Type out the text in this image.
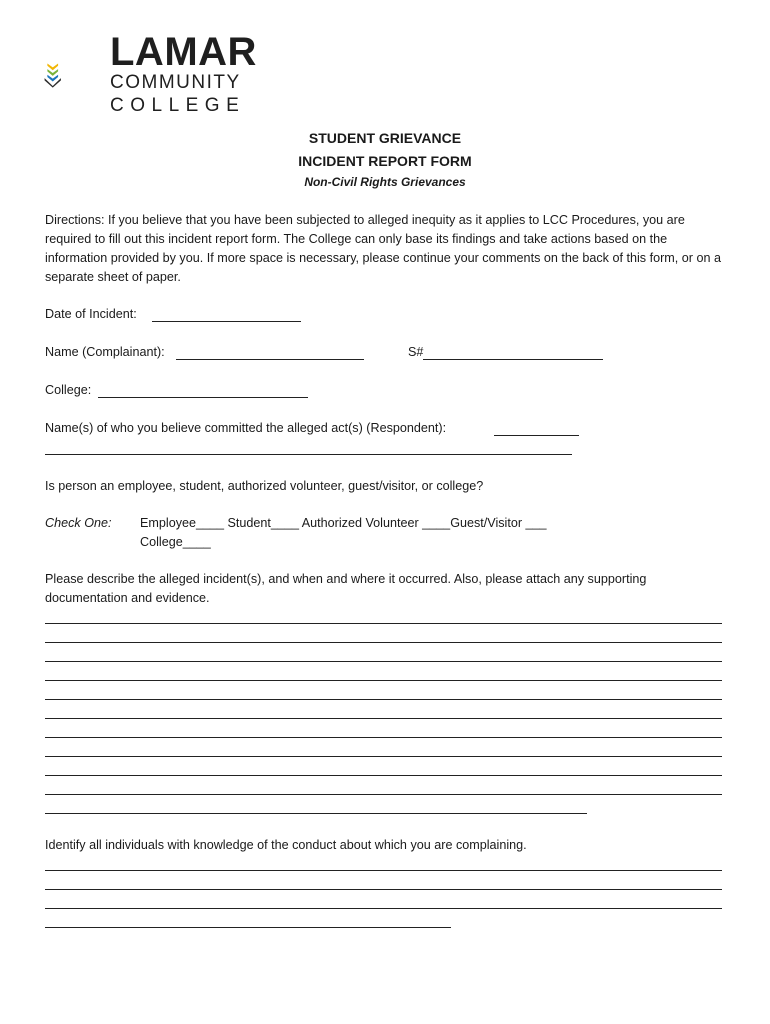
LAMAR
COMMUNITY
COLLEGE
STUDENT GRIEVANCE
INCIDENT REPORT FORM
Non-Civil Rights Grievances
Directions: If you believe that you have been subjected to alleged inequity as it applies to LCC Procedures, you are required to fill out this incident report form. The College can only base its findings and take actions based on the information provided by you. If more space is necessary, please continue your comments on the back of this form, or on a separate sheet of paper.
Date of Incident:
Name (Complainant):	S#
College:
Name(s) of who you believe committed the alleged act(s) (Respondent):
Is person an employee, student, authorized volunteer, guest/visitor, or college?
Check One: Employee____ Student____ Authorized Volunteer ____Guest/Visitor ___
College____
Please describe the alleged incident(s), and when and where it occurred. Also, please attach any supporting
documentation and evidence.
Identify all individuals with knowledge of the conduct about which you are complaining.
